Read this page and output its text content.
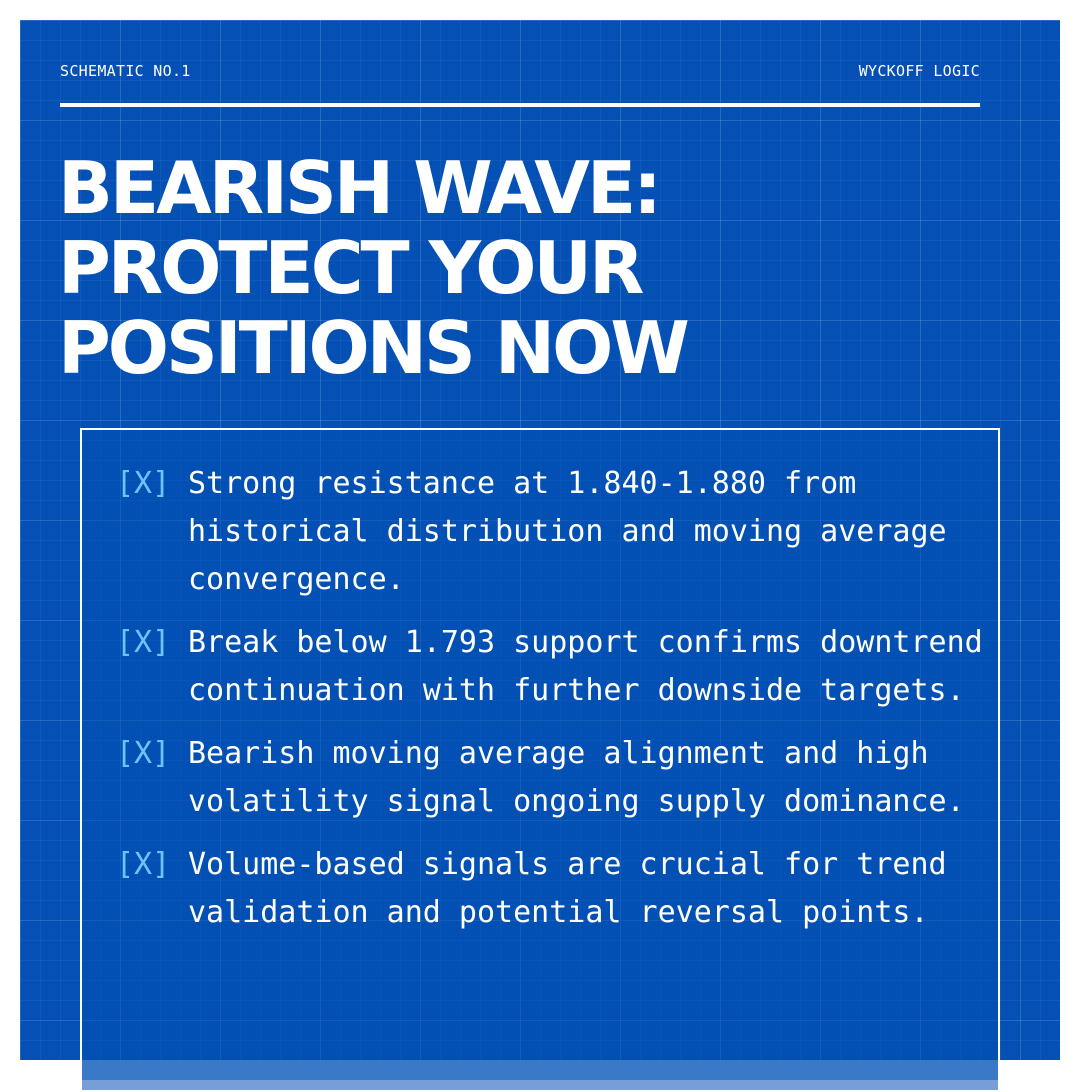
SCHEMATIC NO.1	WYCKOFF LOGIC
BEARISH WAVE:
PROTECT YOUR
POSITIONS NOW
[X] Strong resistance at 1.840-1.880 from historical distribution and moving average convergence.
[X] Break below 1.793 support confirms downtrend continuation with further downside targets.
[X] Bearish moving average alignment and high volatility signal ongoing supply dominance.
[X] Volume-based signals are crucial for trend validation and potential reversal points.
